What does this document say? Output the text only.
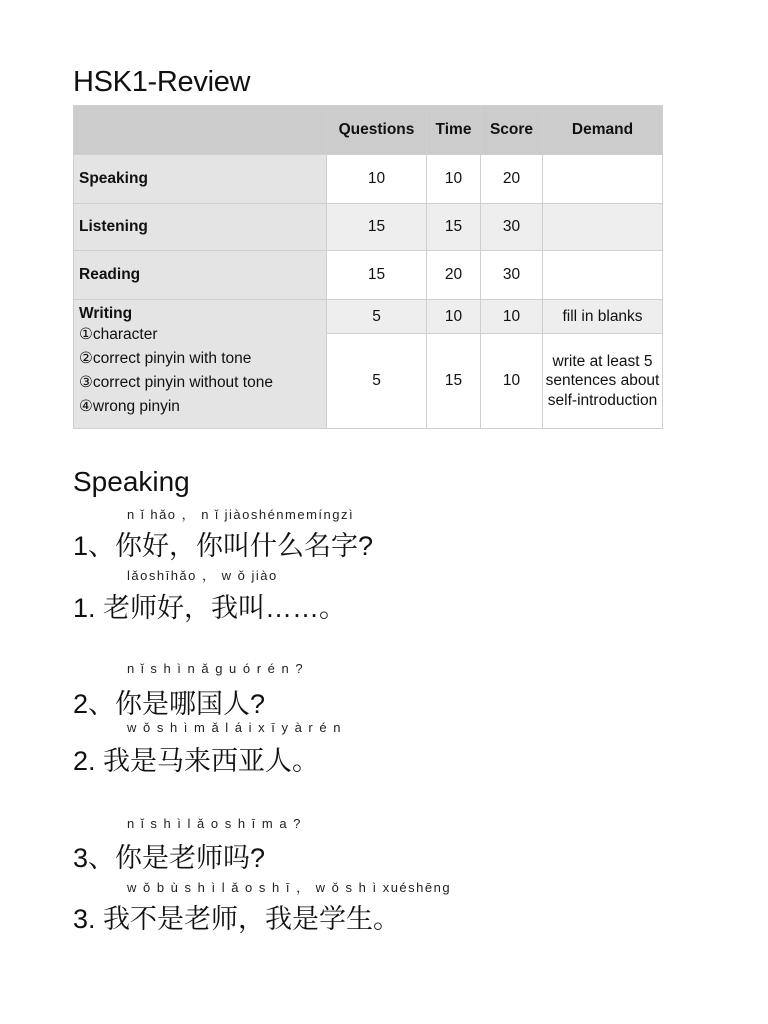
HSK1-Review
	Questions	Time	Score	Demand
Speaking	10	10	20	
Listening	15	15	30	
Reading	15	20	30	

Writing
①character
②correct pinyin with tone
③correct pinyin without tone
④wrong pinyin	5	10	10	fill in blanks
	5	15	10	write at least 5 sentences about self-introduction
Speaking
n ǐ hǎo ， n ǐ jiàoshénmemíngzì
1、你好，你叫什么名字?
lǎoshīhǎo ， w ǒ jiào
1. 老师好，我叫……。
n ǐ s h ì n ǎ g u ó r é n ?
2、你是哪国人?
w ǒ s h ì m ǎ l á i x ī y à r é n
2. 我是马来西亚人。
n ǐ s h ì l ǎ o s h ī m a ?
3、你是老师吗?
w ǒ b ù s h ì l ǎ o s h ī ， w ǒ s h ì xuéshēng
3. 我不是老师，我是学生。
